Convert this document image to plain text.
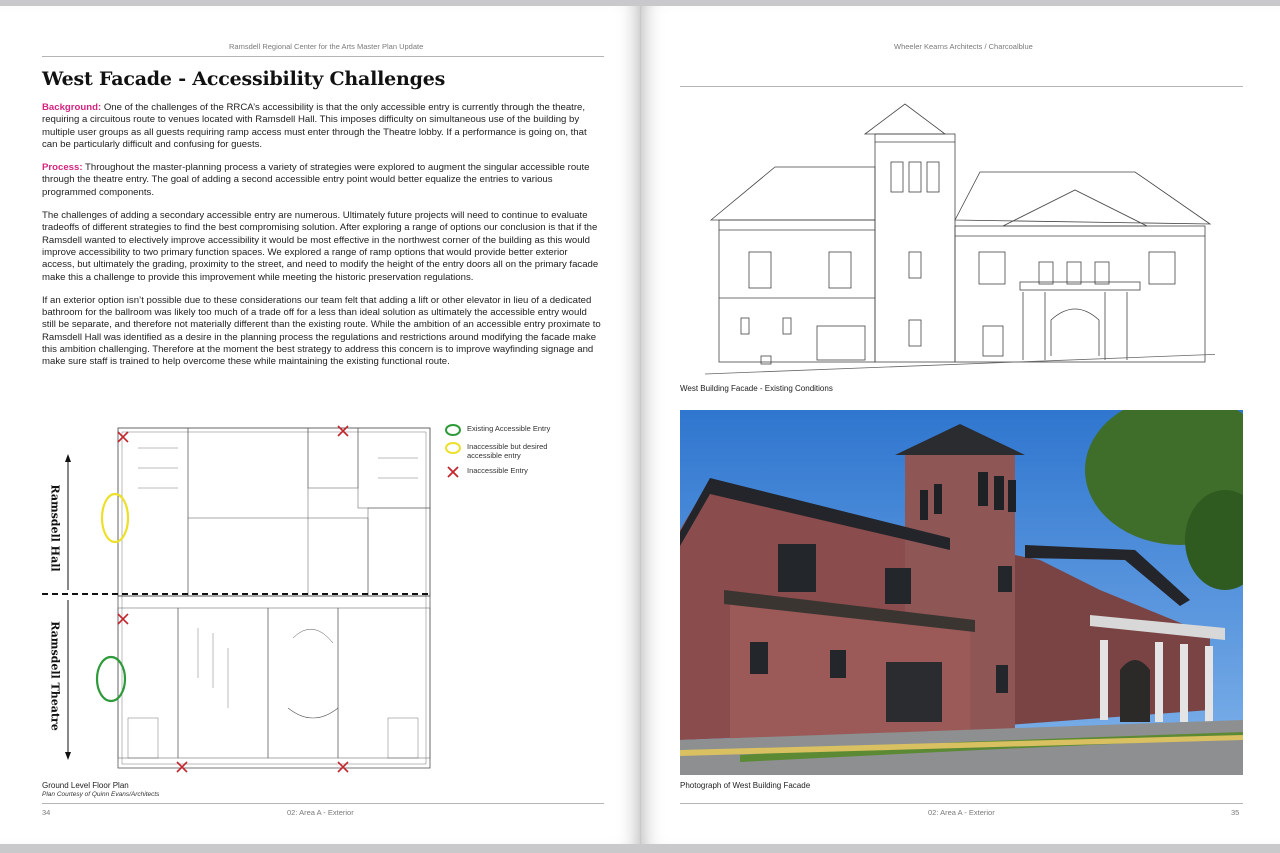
Ramsdell Regional Center for the Arts Master Plan Update
West Facade - Accessibility Challenges

Background: One of the challenges of the RRCA’s accessibility is that the only accessible entry is currently through the theatre, requiring a circuitous route to venues located with Ramsdell Hall. This imposes difficulty on simultaneous use of the building by multiple user groups as all guests requiring ramp access must enter through the Theatre lobby. If a performance is going on, that can be particularly difficult and confusing for guests.

Process: Throughout the master-planning process a variety of strategies were explored to augment the singular accessible route through the theatre entry. The goal of adding a second accessible entry point would better equalize the entries to various programmed components.

The challenges of adding a secondary accessible entry are numerous. Ultimately future projects will need to continue to evaluate tradeoffs of different strategies to find the best compromising solution. After exploring a range of options our conclusion is that if the Ramsdell wanted to electively improve accessibility it would be most effective in the northwest corner of the building as this would improve accessibility to two primary function spaces. We explored a range of ramp options that would provide better exterior access, but ultimately the grading, proximity to the street, and need to modify the height of the entry doors all on the primary facade make this a challenge to provide this improvement while meeting the historic preservation regulations.

If an exterior option isn’t possible due to these considerations our team felt that adding a lift or other elevator in lieu of a dedicated bathroom for the ballroom was likely too much of a trade off for a less than ideal solution as ultimately the accessible entry would still be separate, and therefore not materially different than the existing route. While the ambition of an accessible entry proximate to Ramsdell Hall was identified as a desire in the planning process the regulations and restrictions around modifying the facade make this ambition challenging. Therefore at the moment the best strategy to address this concern is to improve wayfinding signage and make sure staff is trained to help overcome these while maintaining the existing functional route.

Ramsdell Hall
Ramsdell Theatre
Existing Accessible Entry
Inaccessible but desired accessible entry
Inaccessible Entry
Ground Level Floor Plan
Plan Courtesy of Quinn Evans/Architects
34	02: Area A - Exterior
Wheeler Kearns Architects / Charcoalblue
West Building Facade - Existing Conditions
Photograph of West Building Facade
02: Area A - Exterior	35
